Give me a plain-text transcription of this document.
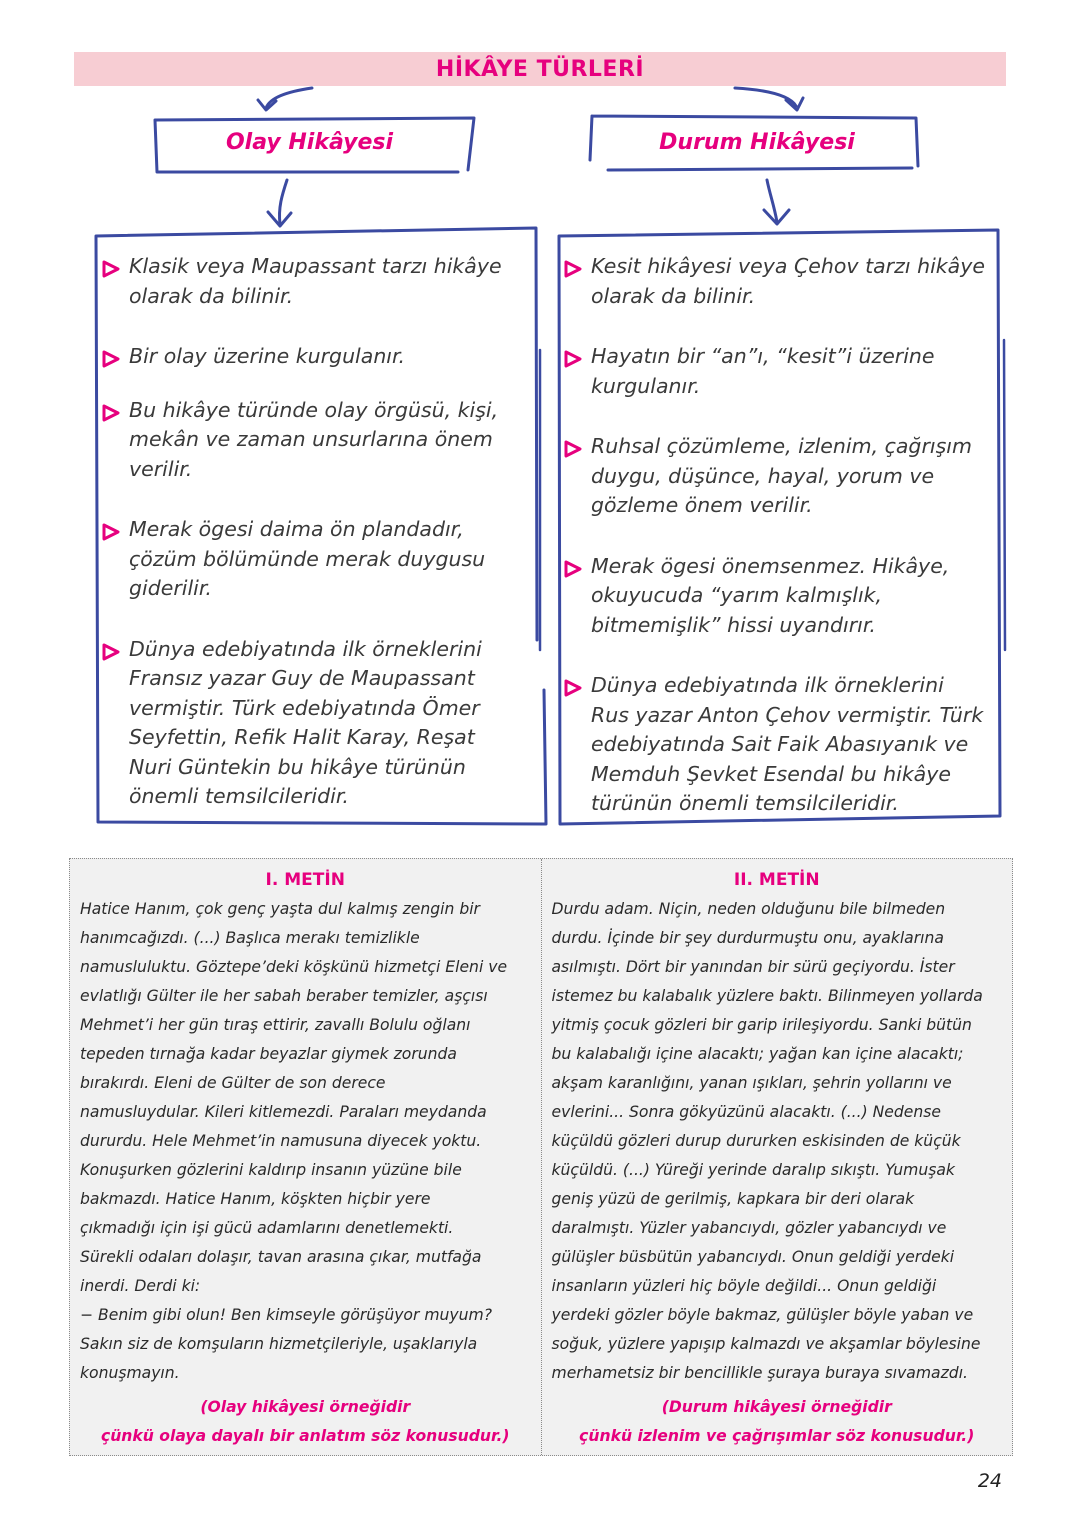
HİKÂYE TÜRLERİ
Olay Hikâyesi	Durum Hikâyesi
Klasik veya Maupassant tarzı hikâye olarak da bilinir.
Bir olay üzerine kurgulanır.
Bu hikâye türünde olay örgüsü, kişi, mekân ve zaman unsurlarına önem verilir.
Merak ögesi daima ön plandadır, çözüm bölümünde merak duygusu giderilir.
Dünya edebiyatında ilk örneklerini Fransız yazar Guy de Maupassant vermiştir. Türk edebiyatında Ömer Seyfettin, Refik Halit Karay, Reşat Nuri Güntekin bu hikâye türünün önemli temsilcileridir.
Kesit hikâyesi veya Çehov tarzı hikâye olarak da bilinir.
Hayatın bir “an”ı, “kesit”i üzerine kurgulanır.
Ruhsal çözümleme, izlenim, çağrışım duygu, düşünce, hayal, yorum ve gözleme önem verilir.
Merak ögesi önemsenmez. Hikâye, okuyucuda “yarım kalmışlık, bitmemişlik” hissi uyandırır.
Dünya edebiyatında ilk örneklerini Rus yazar Anton Çehov vermiştir. Türk edebiyatında Sait Faik Abasıyanık ve Memduh Şevket Esendal bu hikâye türünün önemli temsilcileridir.
I. METİN
Hatice Hanım, çok genç yaşta dul kalmış zengin bir
hanımcağızdı. (...) Başlıca merakı temizlikle
namusluluktu. Göztepe’deki köşkünü hizmetçi Eleni ve
evlatlığı Gülter ile her sabah beraber temizler, aşçısı
Mehmet’i her gün tıraş ettirir, zavallı Bolulu oğlanı
tepeden tırnağa kadar beyazlar giymek zorunda
bırakırdı. Eleni de Gülter de son derece
namusluydular. Kileri kitlemezdi. Paraları meydanda
dururdu. Hele Mehmet’in namusuna diyecek yoktu.
Konuşurken gözlerini kaldırıp insanın yüzüne bile
bakmazdı. Hatice Hanım, köşkten hiçbir yere
çıkmadığı için işi gücü adamlarını denetlemekti.
Sürekli odaları dolaşır, tavan arasına çıkar, mutfağa
inerdi. Derdi ki:
− Benim gibi olun! Ben kimseyle görüşüyor muyum?
Sakın siz de komşuların hizmetçileriyle, uşaklarıyla
konuşmayın.
(Olay hikâyesi örneğidir
çünkü olaya dayalı bir anlatım söz konusudur.)
II. METİN
Durdu adam. Niçin, neden olduğunu bile bilmeden
durdu. İçinde bir şey durdurmuştu onu, ayaklarına
asılmıştı. Dört bir yanından bir sürü geçiyordu. İster
istemez bu kalabalık yüzlere baktı. Bilinmeyen yollarda
yitmiş çocuk gözleri bir garip irileşiyordu. Sanki bütün
bu kalabalığı içine alacaktı; yağan kan içine alacaktı;
akşam karanlığını, yanan ışıkları, şehrin yollarını ve
evlerini... Sonra gökyüzünü alacaktı. (...) Nedense
küçüldü gözleri durup dururken eskisinden de küçük
küçüldü. (...) Yüreği yerinde daralıp sıkıştı. Yumuşak
geniş yüzü de gerilmiş, kapkara bir deri olarak
daralmıştı. Yüzler yabancıydı, gözler yabancıydı ve
gülüşler büsbütün yabancıydı. Onun geldiği yerdeki
insanların yüzleri hiç böyle değildi... Onun geldiği
yerdeki gözler böyle bakmaz, gülüşler böyle yaban ve
soğuk, yüzlere yapışıp kalmazdı ve akşamlar böylesine
merhametsiz bir bencillikle şuraya buraya sıvamazdı.
(Durum hikâyesi örneğidir
çünkü izlenim ve çağrışımlar söz konusudur.)
24
